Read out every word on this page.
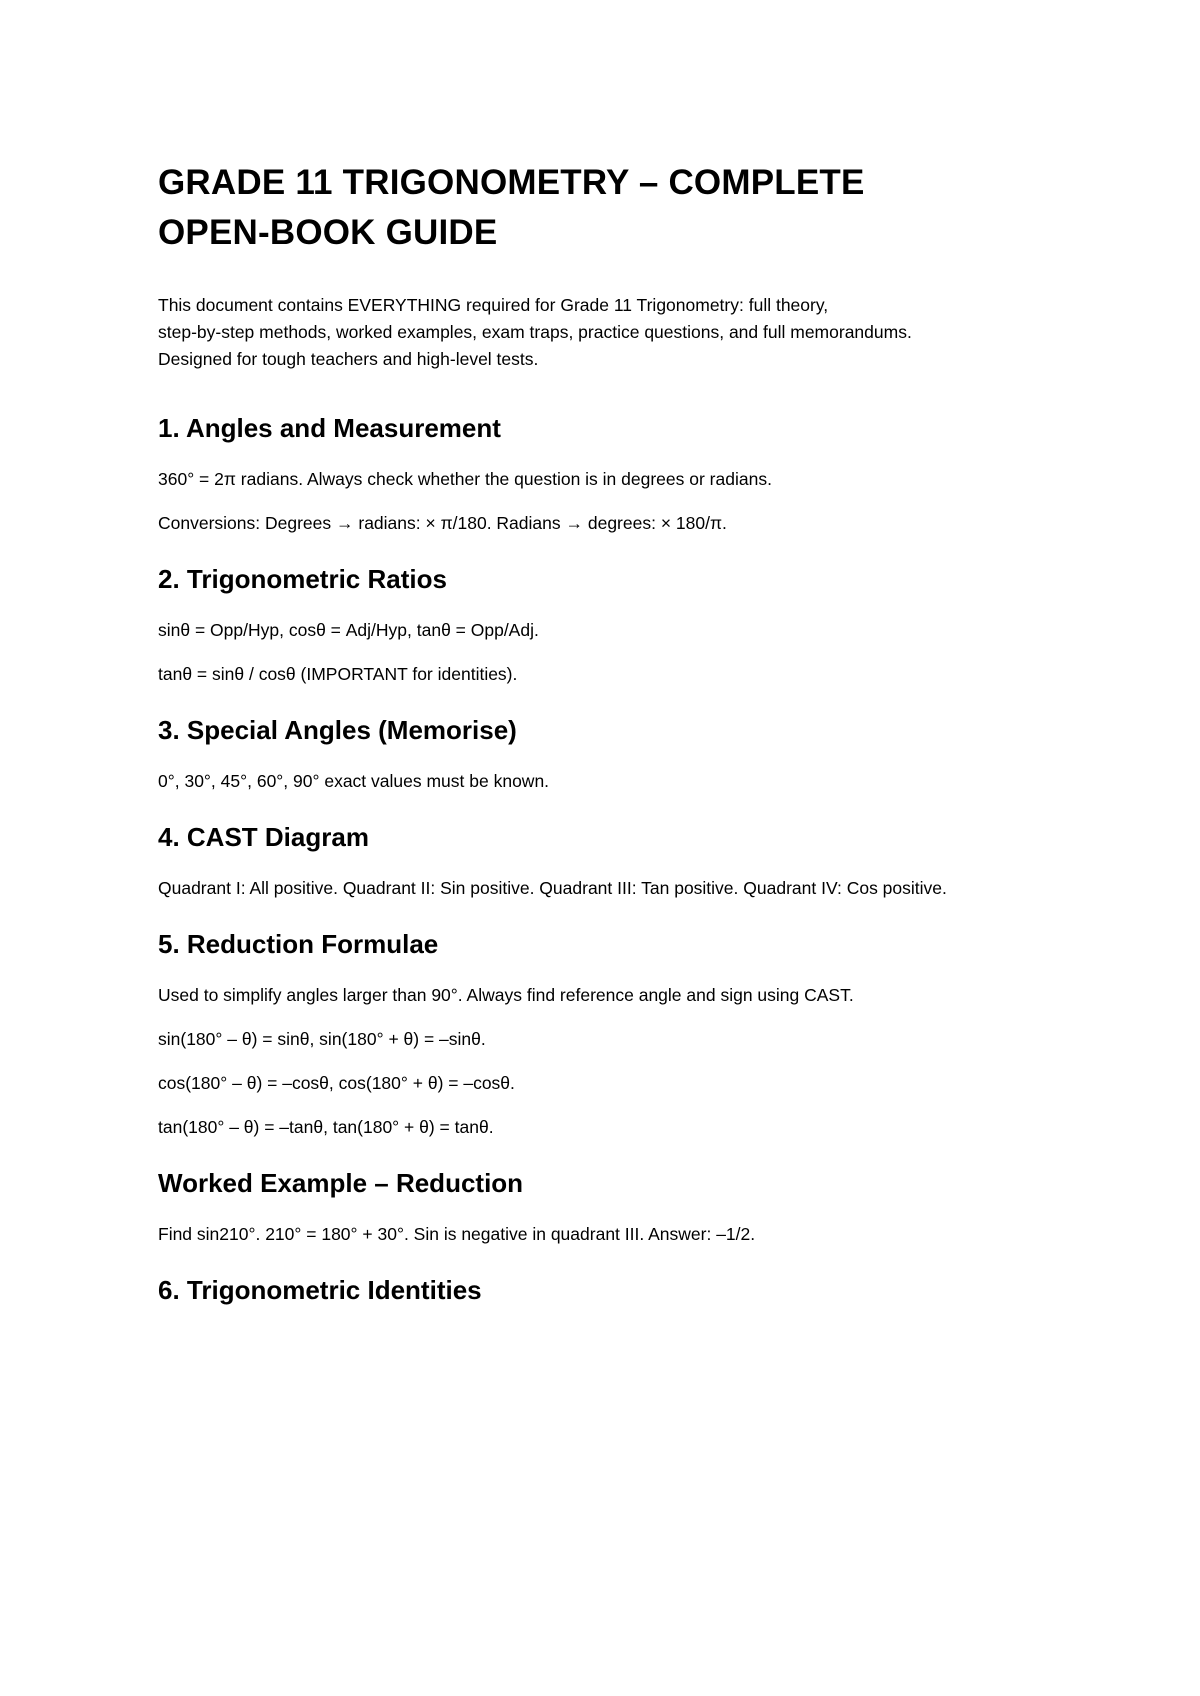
GRADE 11 TRIGONOMETRY – COMPLETE
OPEN-BOOK GUIDE

This document contains EVERYTHING required for Grade 11 Trigonometry: full theory,
step-by-step methods, worked examples, exam traps, practice questions, and full memorandums.
Designed for tough teachers and high-level tests.

1. Angles and Measurement

360° = 2π radians. Always check whether the question is in degrees or radians.

Conversions: Degrees → radians: × π/180. Radians → degrees: × 180/π.

2. Trigonometric Ratios

sinθ = Opp/Hyp, cosθ = Adj/Hyp, tanθ = Opp/Adj.

tanθ = sinθ / cosθ (IMPORTANT for identities).

3. Special Angles (Memorise)

0°, 30°, 45°, 60°, 90° exact values must be known.

4. CAST Diagram

Quadrant I: All positive. Quadrant II: Sin positive. Quadrant III: Tan positive. Quadrant IV: Cos positive.

5. Reduction Formulae

Used to simplify angles larger than 90°. Always find reference angle and sign using CAST.

sin(180° – θ) = sinθ, sin(180° + θ) = –sinθ.

cos(180° – θ) = –cosθ, cos(180° + θ) = –cosθ.

tan(180° – θ) = –tanθ, tan(180° + θ) = tanθ.

Worked Example – Reduction

Find sin210°. 210° = 180° + 30°. Sin is negative in quadrant III. Answer: –1/2.

6. Trigonometric Identities
